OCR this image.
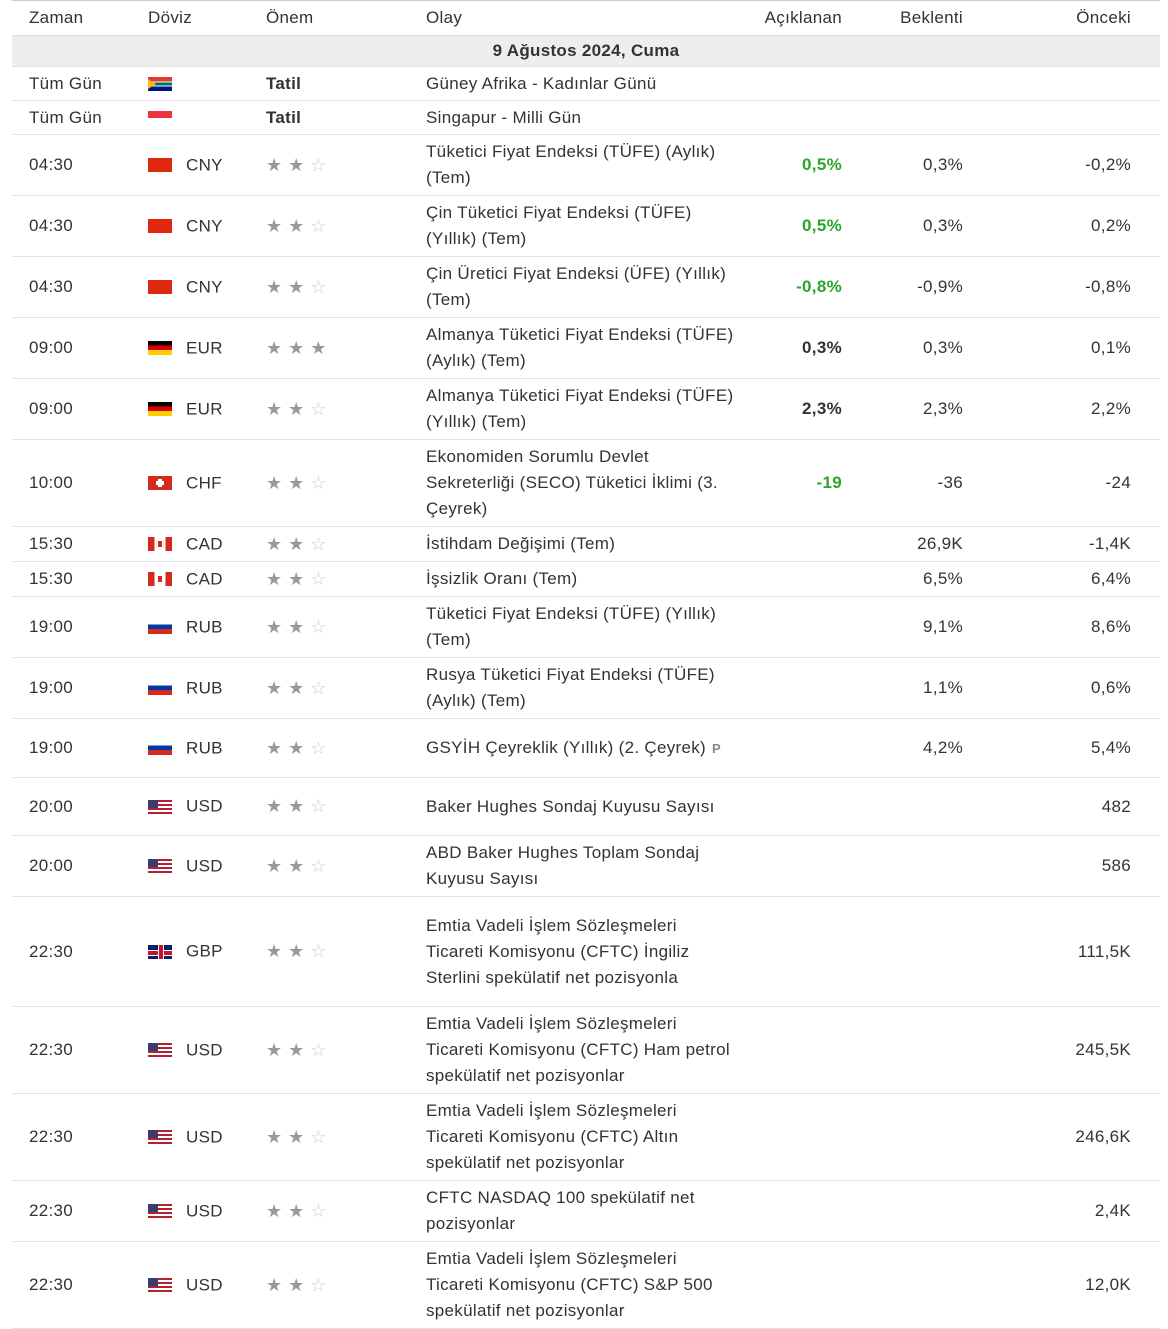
Zaman	Döviz	Önem	Olay	Açıklanan	Beklenti	Önceki
9 Ağustos 2024, Cuma						
Tüm Gün		Tatil	Güney Afrika - Kadınlar Günü			
Tüm Gün		Tatil	Singapur - Milli Gün			
04:30	CNY	★★☆	Tüketici Fiyat Endeksi (TÜFE) (Aylık) (Tem)	0,5%	0,3%	-0,2%
04:30	CNY	★★☆	Çin Tüketici Fiyat Endeksi (TÜFE) (Yıllık) (Tem)	0,5%	0,3%	0,2%
04:30	CNY	★★☆	Çin Üretici Fiyat Endeksi (ÜFE) (Yıllık) (Tem)	-0,8%	-0,9%	-0,8%
09:00	EUR	★★★	Almanya Tüketici Fiyat Endeksi (TÜFE) (Aylık) (Tem)	0,3%	0,3%	0,1%
09:00	EUR	★★☆	Almanya Tüketici Fiyat Endeksi (TÜFE) (Yıllık) (Tem)	2,3%	2,3%	2,2%
10:00	CHF	★★☆	Ekonomiden Sorumlu Devlet Sekreterliği (SECO) Tüketici İklimi (3. Çeyrek)	-19	-36	-24
15:30	CAD	★★☆	İstihdam Değişimi (Tem)		26,9K	-1,4K
15:30	CAD	★★☆	İşsizlik Oranı (Tem)		6,5%	6,4%
19:00	RUB	★★☆	Tüketici Fiyat Endeksi (TÜFE) (Yıllık) (Tem)		9,1%	8,6%
19:00	RUB	★★☆	Rusya Tüketici Fiyat Endeksi (TÜFE) (Aylık) (Tem)		1,1%	0,6%
19:00	RUB	★★☆	GSYİH Çeyreklik (Yıllık) (2. Çeyrek) P		4,2%	5,4%
20:00	USD	★★☆	Baker Hughes Sondaj Kuyusu Sayısı			482
20:00	USD	★★☆	ABD Baker Hughes Toplam Sondaj Kuyusu Sayısı			586
22:30	GBP	★★☆	Emtia Vadeli İşlem Sözleşmeleri Ticareti Komisyonu (CFTC) İngiliz Sterlini spekülatif net pozisyonla			111,5K
22:30	USD	★★☆	Emtia Vadeli İşlem Sözleşmeleri Ticareti Komisyonu (CFTC) Ham petrol spekülatif net pozisyonlar			245,5K
22:30	USD	★★☆	Emtia Vadeli İşlem Sözleşmeleri Ticareti Komisyonu (CFTC) Altın spekülatif net pozisyonlar			246,6K
22:30	USD	★★☆	CFTC NASDAQ 100 spekülatif net pozisyonlar			2,4K
22:30	USD	★★☆	Emtia Vadeli İşlem Sözleşmeleri Ticareti Komisyonu (CFTC) S&P 500 spekülatif net pozisyonlar			12,0K
